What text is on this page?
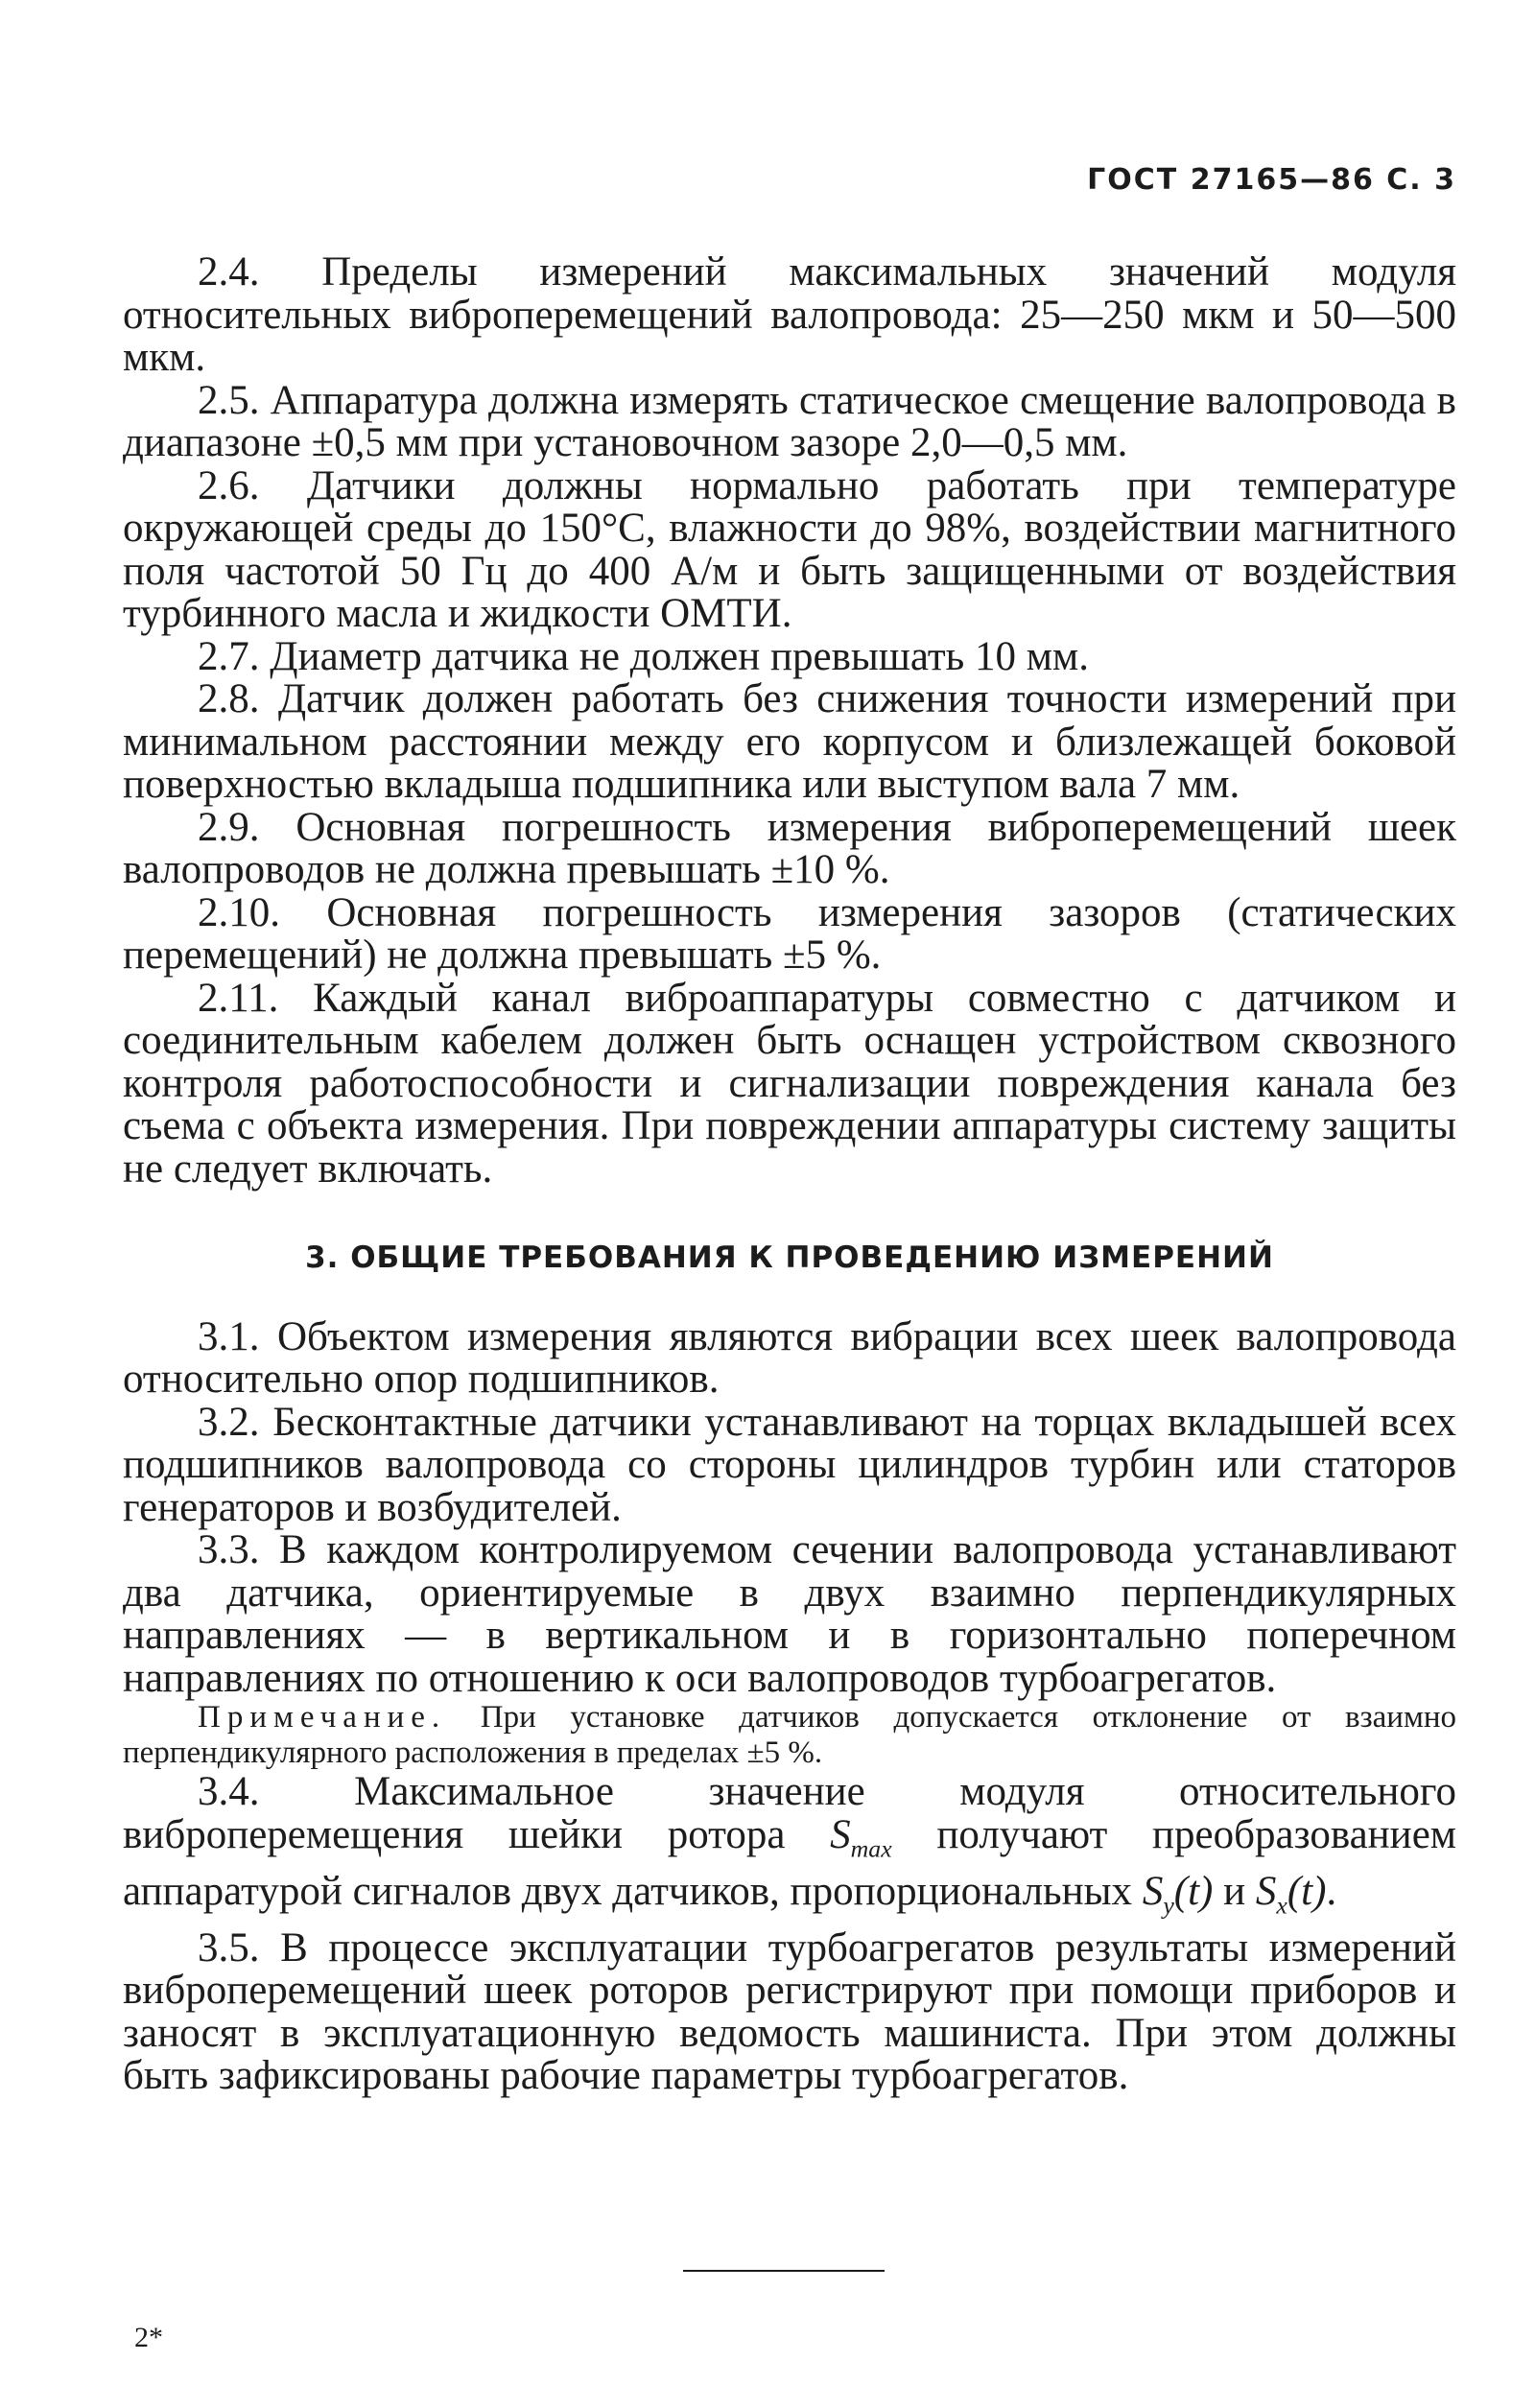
ГОСТ 27165—86 С. 3

2.4. Пределы измерений максимальных значений модуля относительных виброперемещений валопровода: 25—250 мкм и 50—500 мкм.

2.5. Аппаратура должна измерять статическое смещение валопровода в диапазоне ±0,5 мм при установочном зазоре 2,0—0,5 мм.

2.6. Датчики должны нормально работать при температуре окружающей среды до 150°С, влажности до 98%, воздействии магнитного поля частотой 50 Гц до 400 А/м и быть защищенными от воздействия турбинного масла и жидкости ОМТИ.

2.7. Диаметр датчика не должен превышать 10 мм.

2.8. Датчик должен работать без снижения точности измерений при минимальном расстоянии между его корпусом и близлежащей боковой поверхностью вкладыша подшипника или выступом вала 7 мм.

2.9. Основная погрешность измерения виброперемещений шеек валопроводов не должна превышать ±10 %.

2.10. Основная погрешность измерения зазоров (статических перемещений) не должна превышать ±5 %.

2.11. Каждый канал виброаппаратуры совместно с датчиком и соединительным кабелем должен быть оснащен устройством сквозного контроля работоспособности и сигнализации повреждения канала без съема с объекта измерения. При повреждении аппаратуры систему защиты не следует включать.

3. ОБЩИЕ ТРЕБОВАНИЯ К ПРОВЕДЕНИЮ ИЗМЕРЕНИЙ

3.1. Объектом измерения являются вибрации всех шеек валопровода относительно опор подшипников.

3.2. Бесконтактные датчики устанавливают на торцах вкладышей всех подшипников валопровода со стороны цилиндров турбин или статоров генераторов и возбудителей.

3.3. В каждом контролируемом сечении валопровода устанавливают два датчика, ориентируемые в двух взаимно перпендикулярных направлениях — в вертикальном и в горизонтально поперечном направлениях по отношению к оси валопроводов турбоагрегатов.

Примечание. При установке датчиков допускается отклонение от взаимно перпендикулярного расположения в пределах ±5 %.

3.4. Максимальное значение модуля относительного виброперемещения шейки ротора $S_{max}$ получают преобразованием аппаратурой сигналов двух датчиков, пропорциональных $S_y(t)$ и $S_x(t)$.

3.5. В процессе эксплуатации турбоагрегатов результаты измерений виброперемещений шеек роторов регистрируют при помощи приборов и заносят в эксплуатационную ведомость машиниста. При этом должны быть зафиксированы рабочие параметры турбоагрегатов.

2*
